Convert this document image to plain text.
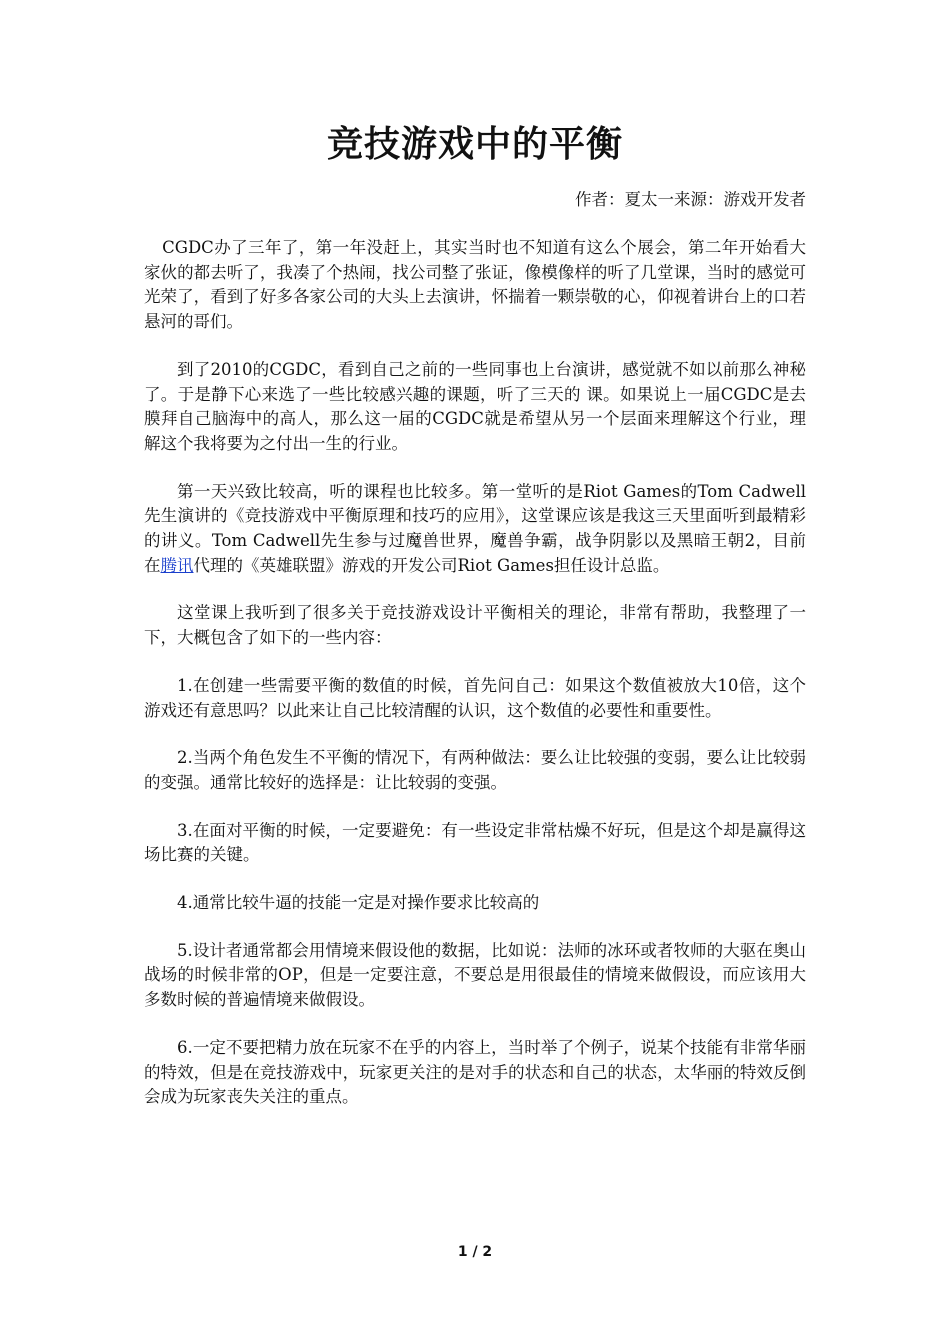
竞技游戏中的平衡

作者：夏太一来源：游戏开发者

CGDC办了三年了，第一年没赶上，其实当时也不知道有这么个展会，第二年开始看大家伙的都去听了，我凑了个热闹，找公司整了张证，像模像样的听了几堂课，当时的感觉可光荣了，看到了好多各家公司的大头上去演讲，怀揣着一颗崇敬的心，仰视着讲台上的口若悬河的哥们。

到了2010的CGDC，看到自己之前的一些同事也上台演讲，感觉就不如以前那么神秘了。于是静下心来选了一些比较感兴趣的课题，听了三天的 课。如果说上一届CGDC是去膜拜自己脑海中的高人，那么这一届的CGDC就是希望从另一个层面来理解这个行业，理解这个我将要为之付出一生的行业。

第一天兴致比较高，听的课程也比较多。第一堂听的是Riot Games的Tom Cadwell先生演讲的《竞技游戏中平衡原理和技巧的应用》，这堂课应该是我这三天里面听到最精彩的讲义。Tom Cadwell先生参与过魔兽世界，魔兽争霸，战争阴影以及黑暗王朝2，目前在腾讯代理的《英雄联盟》游戏的开发公司Riot Games担任设计总监。

这堂课上我听到了很多关于竞技游戏设计平衡相关的理论，非常有帮助，我整理了一下，大概包含了如下的一些内容：

1.在创建一些需要平衡的数值的时候，首先问自己：如果这个数值被放大10倍，这个游戏还有意思吗？以此来让自己比较清醒的认识，这个数值的必要性和重要性。

2.当两个角色发生不平衡的情况下，有两种做法：要么让比较强的变弱，要么让比较弱的变强。通常比较好的选择是：让比较弱的变强。

3.在面对平衡的时候，一定要避免：有一些设定非常枯燥不好玩，但是这个却是赢得这场比赛的关键。

4.通常比较牛逼的技能一定是对操作要求比较高的

5.设计者通常都会用情境来假设他的数据，比如说：法师的冰环或者牧师的大驱在奥山战场的时候非常的OP，但是一定要注意，不要总是用很最佳的情境来做假设，而应该用大多数时候的普遍情境来做假设。

6.一定不要把精力放在玩家不在乎的内容上，当时举了个例子，说某个技能有非常华丽的特效，但是在竞技游戏中，玩家更关注的是对手的状态和自己的状态，太华丽的特效反倒会成为玩家丧失关注的重点。

1 / 2
